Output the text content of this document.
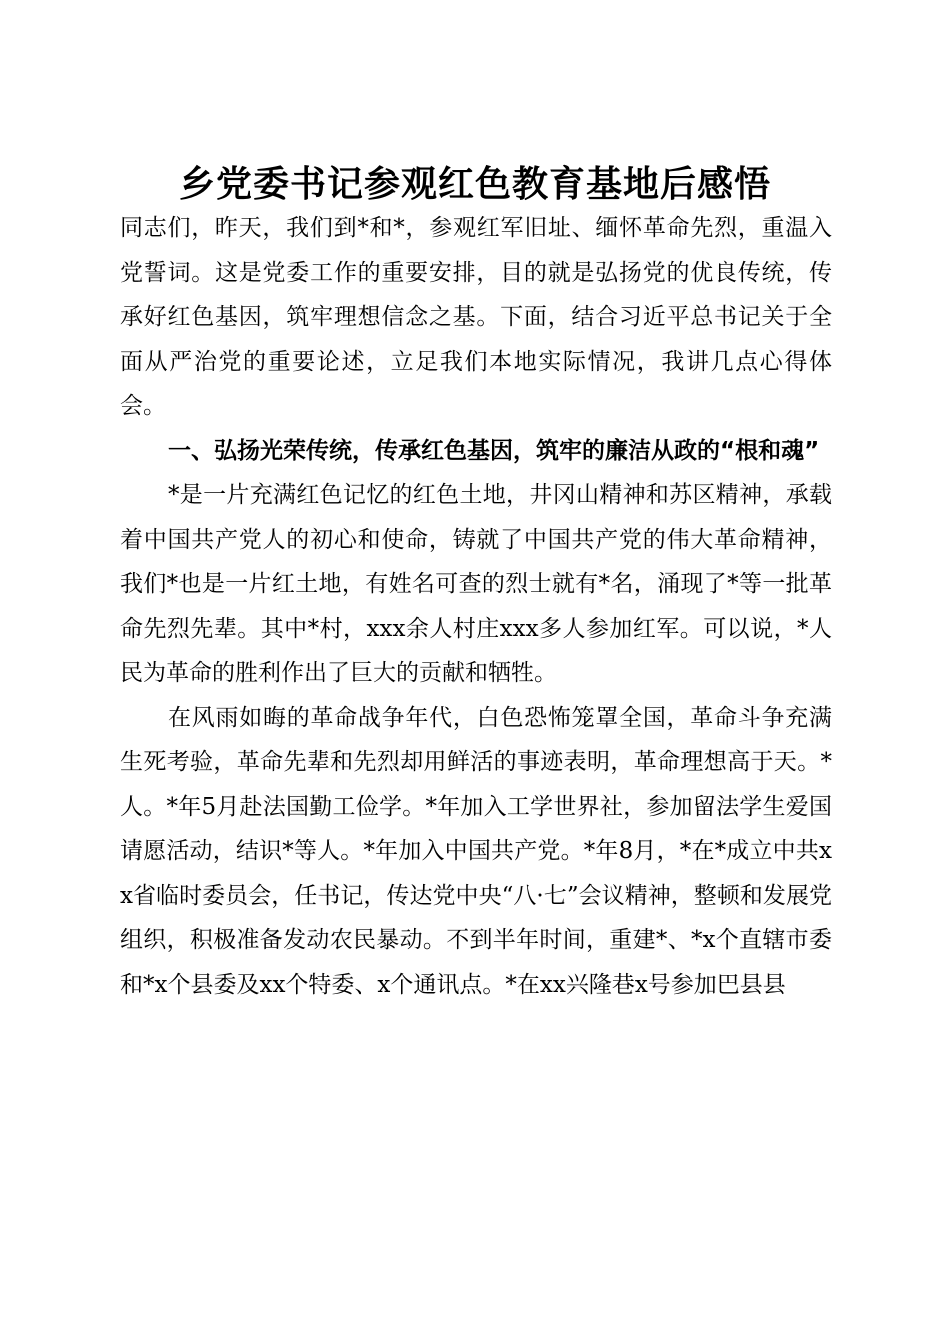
乡党委书记参观红色教育基地后感悟

同志们，昨天，我们到*和*，参观红军旧址、缅怀革命先烈，重温入党誓词。这是党委工作的重要安排，目的就是弘扬党的优良传统，传承好红色基因，筑牢理想信念之基。下面，结合习近平总书记关于全面从严治党的重要论述，立足我们本地实际情况，我讲几点心得体会。

一、弘扬光荣传统，传承红色基因，筑牢的廉洁从政的“根和魂”

*是一片充满红色记忆的红色土地，井冈山精神和苏区精神，承载着中国共产党人的初心和使命，铸就了中国共产党的伟大革命精神，我们*也是一片红土地，有姓名可查的烈士就有*名，涌现了*等一批革命先烈先辈。其中*村，xxx余人村庄xxx多人参加红军。可以说，*人民为革命的胜利作出了巨大的贡献和牺牲。

在风雨如晦的革命战争年代，白色恐怖笼罩全国，革命斗争充满生死考验，革命先辈和先烈却用鲜活的事迹表明，革命理想高于天。*人。*年5月赴法国勤工俭学。*年加入工学世界社，参加留法学生爱国请愿活动，结识*等人。*年加入中国共产党。*年8月，*在*成立中共xx省临时委员会，任书记，传达党中央“八·七”会议精神，整顿和发展党组织，积极准备发动农民暴动。不到半年时间，重建*、*x个直辖市委和*x个县委及xx个特委、x个通讯点。*在xx兴隆巷x号参加巴县县
